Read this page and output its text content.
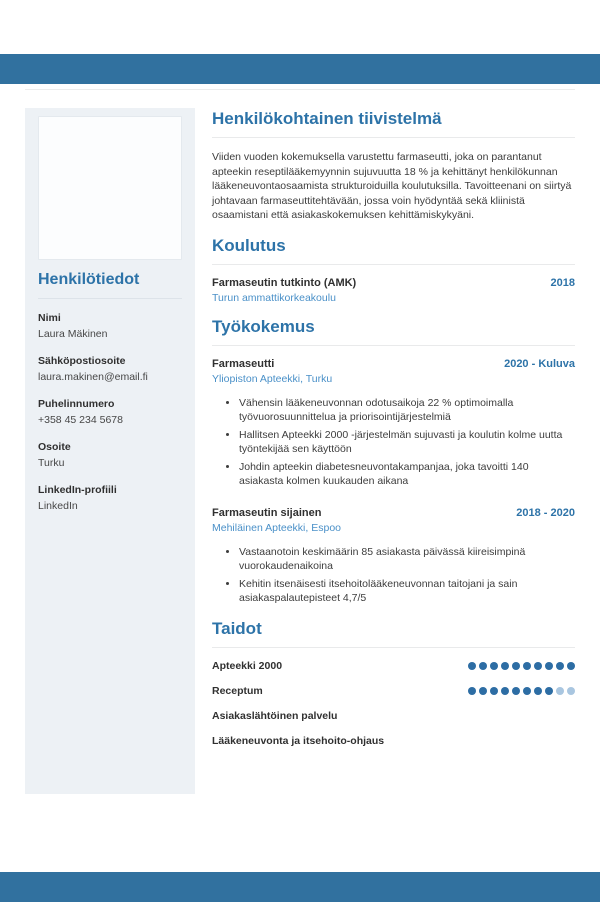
Henkilötiedot
Nimi
Laura Mäkinen
Sähköpostiosoite
laura.makinen@email.fi
Puhelinnumero
+358 45 234 5678
Osoite
Turku
LinkedIn-profiili
LinkedIn
Henkilökohtainen tiivistelmä

Viiden vuoden kokemuksella varustettu farmaseutti, joka on parantanut apteekin reseptilääkemyynnin sujuvuutta 18 % ja kehittänyt henkilökunnan lääkeneuvontaosaamista strukturoiduilla koulutuksilla. Tavoitteenani on siirtyä johtavaan farmaseuttitehtävään, jossa voin hyödyntää sekä kliinistä osaamistani että asiakaskokemuksen kehittämiskykyäni.

Koulutus
Farmaseutin tutkinto (AMK)	2018
Turun ammattikorkeakoulu
Työkokemus
Farmaseutti	2020 - Kuluva
Yliopiston Apteekki, Turku
• Vähensin lääkeneuvonnan odotusaikoja 22 % optimoimalla työvuorosuunnittelua ja priorisointijärjestelmiä
• Hallitsen Apteekki 2000 -järjestelmän sujuvasti ja koulutin kolme uutta työntekijää sen käyttöön
• Johdin apteekin diabetesneuvontakampanjaa, joka tavoitti 140 asiakasta kolmen kuukauden aikana
Farmaseutin sijainen	2018 - 2020
Mehiläinen Apteekki, Espoo
• Vastaanotoin keskimäärin 85 asiakasta päivässä kiireisimpinä vuorokaudenaikoina
• Kehitin itsenäisesti itsehoitolääkeneuvonnan taitojani ja sain asiakaspalautepisteet 4,7/5
Taidot
Apteekki 2000
Receptum
Asiakaslähtöinen palvelu
Lääkeneuvonta ja itsehoito-ohjaus
